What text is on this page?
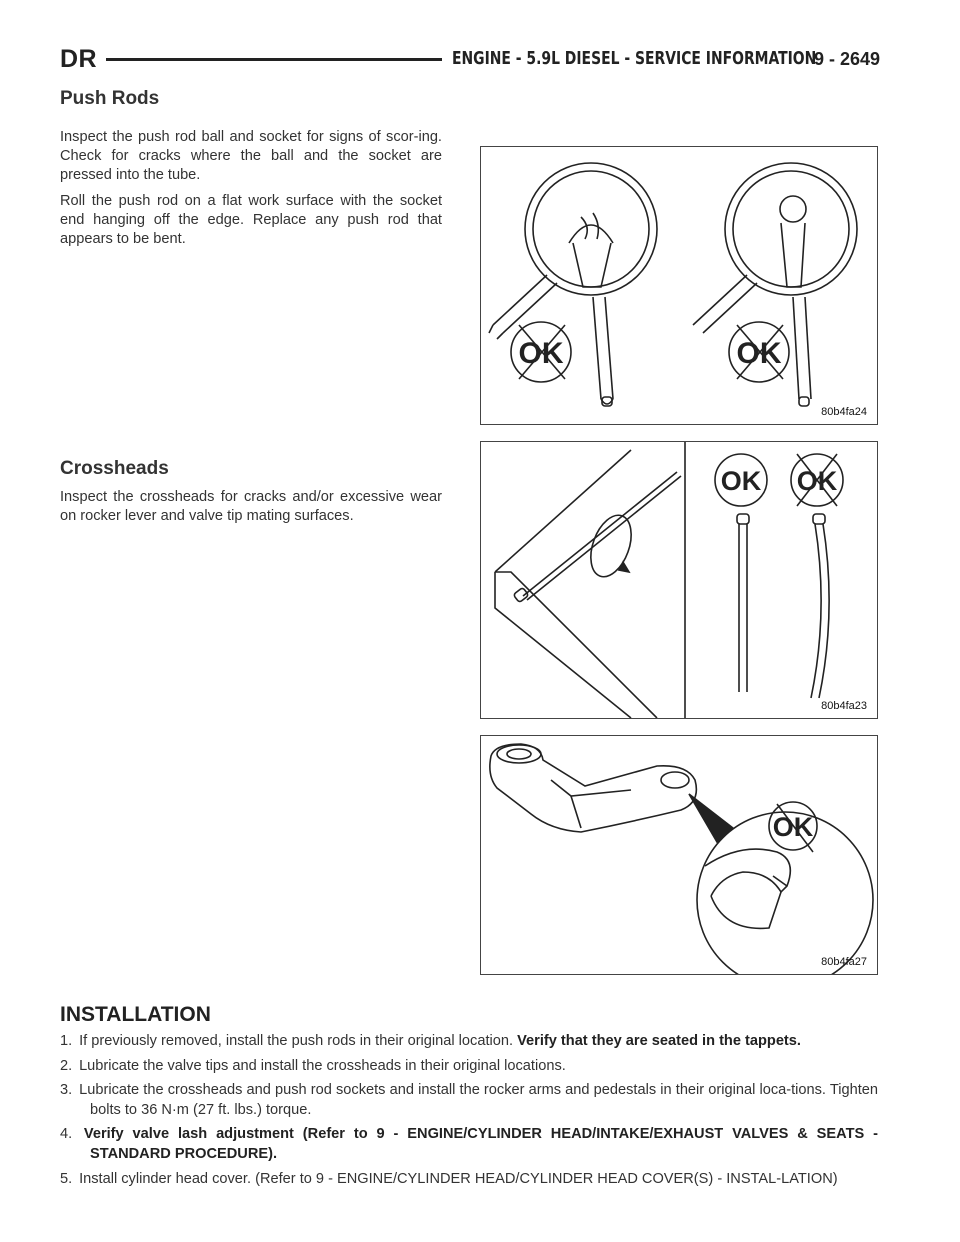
DR	ENGINE - 5.9L DIESEL - SERVICE INFORMATION
9 - 2649
Push Rods

Inspect the push rod ball and socket for signs of scor-ing. Check for cracks where the ball and the socket are pressed into the tube.

Roll the push rod on a flat work surface with the socket end hanging off the edge. Replace any push rod that appears to be bent.

OK	OK
80b4fa24
Crossheads

Inspect the crossheads for cracks and/or excessive wear on rocker lever and valve tip mating surfaces.

OK OK
80b4fa23
OK
80b4fa27
INSTALLATION
1. If previously removed, install the push rods in their original location. Verify that they are seated in the tappets.
2. Lubricate the valve tips and install the crossheads in their original locations.
3. Lubricate the crossheads and push rod sockets and install the rocker arms and pedestals in their original loca-tions. Tighten bolts to 36 N·m (27 ft. lbs.) torque.
4. Verify valve lash adjustment (Refer to 9 - ENGINE/CYLINDER HEAD/INTAKE/EXHAUST VALVES & SEATS - STANDARD PROCEDURE).
5. Install cylinder head cover. (Refer to 9 - ENGINE/CYLINDER HEAD/CYLINDER HEAD COVER(S) - INSTAL-LATION)
